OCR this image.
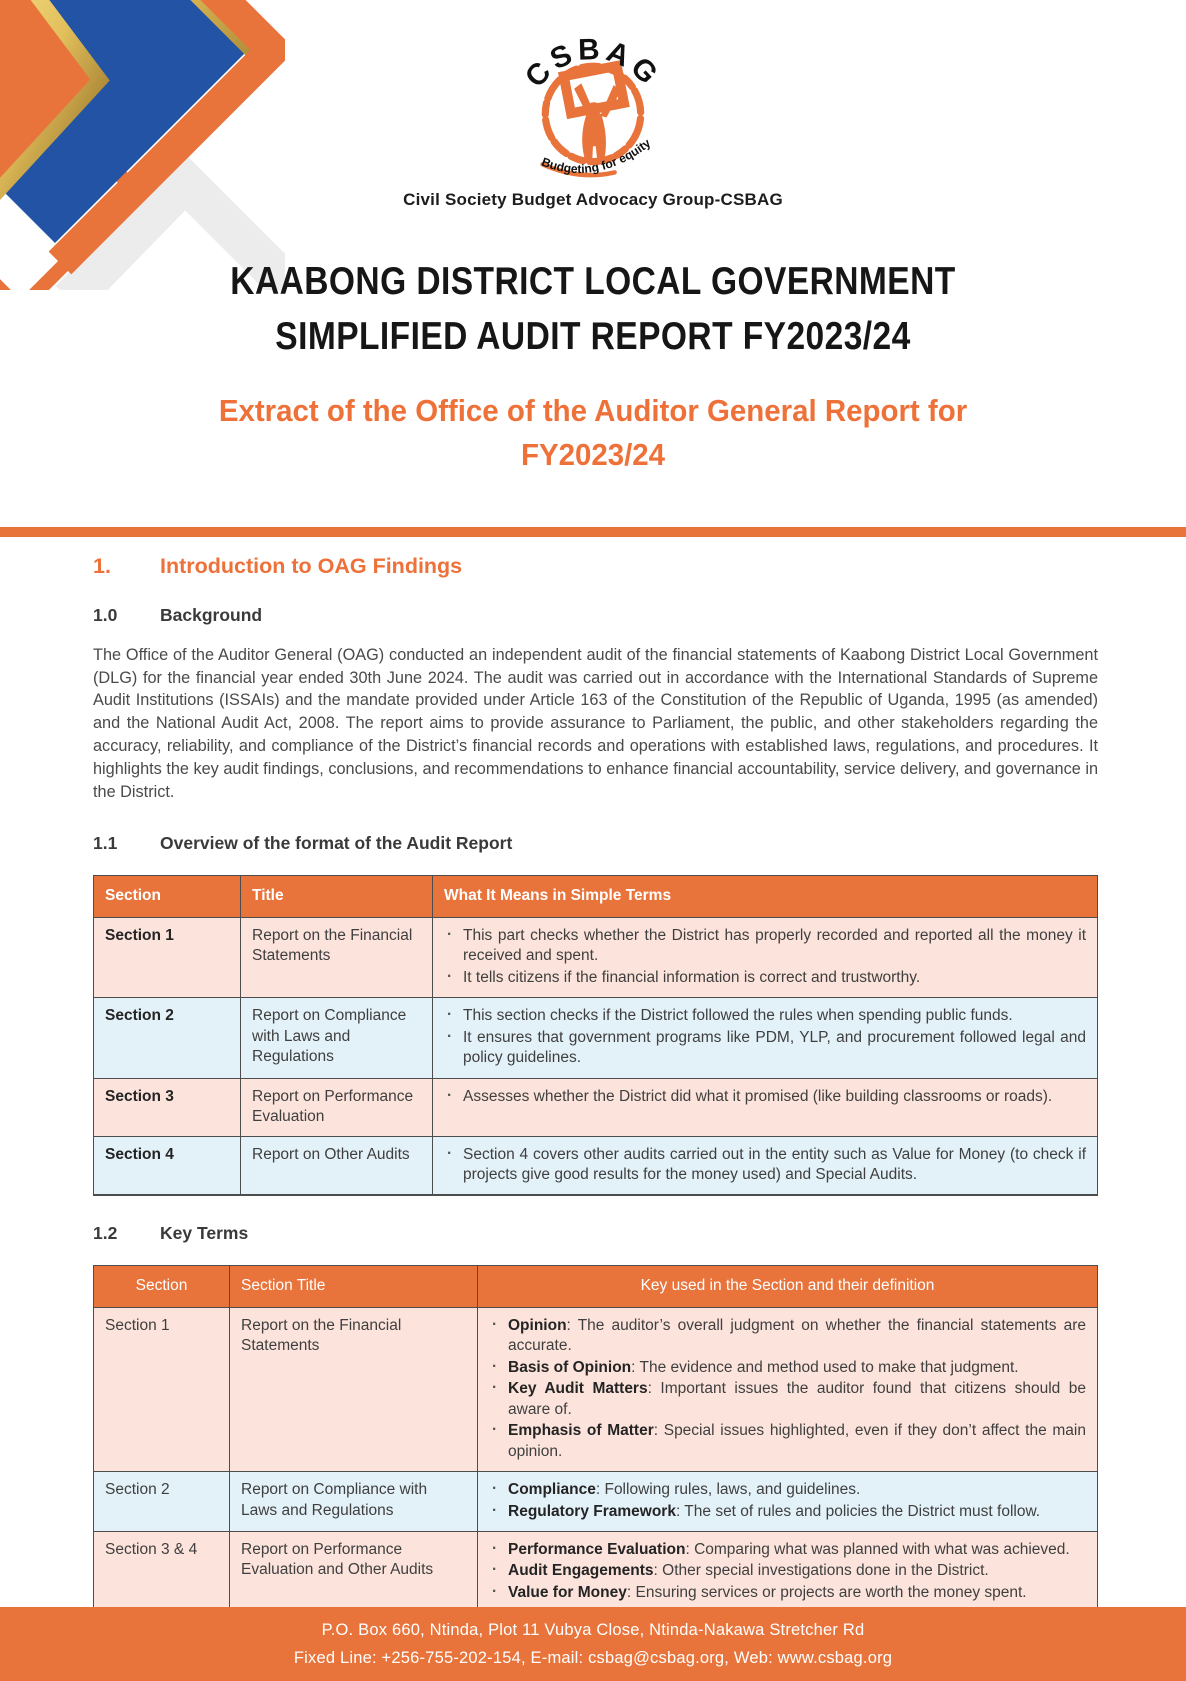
CSBAG
Budgeting for equity
Civil Society Budget Advocacy Group-CSBAG
KAABONG DISTRICT LOCAL GOVERNMENT
SIMPLIFIED AUDIT REPORT FY2023/24
Extract of the Office of the Auditor General Report for FY2023/24
1.	Introduction to OAG Findings
1.0	Background

The Office of the Auditor General (OAG) conducted an independent audit of the financial statements of Kaabong District Local Government (DLG) for the financial year ended 30th June 2024. The audit was carried out in accordance with the International Standards of Supreme Audit Institutions (ISSAIs) and the mandate provided under Article 163 of the Constitution of the Republic of Uganda, 1995 (as amended) and the National Audit Act, 2008. The report aims to provide assurance to Parliament, the public, and other stakeholders regarding the accuracy, reliability, and compliance of the District’s financial records and operations with established laws, regulations, and procedures. It highlights the key audit findings, conclusions, and recommendations to enhance financial accountability, service delivery, and governance in the District.

1.1	Overview of the format of the Audit Report
Section	Title	What It Means in Simple Terms
Section 1	Report on the Financial Statements	
· This part checks whether the District has properly recorded and reported all the money it received and spent.
· It tells citizens if the financial information is correct and trustworthy.

Section 2	Report on Compliance with Laws and Regulations	
· This section checks if the District followed the rules when spending public funds.
· It ensures that government programs like PDM, YLP, and procurement followed legal and policy guidelines.

Section 3	Report on Performance Evaluation	
· Assesses whether the District did what it promised (like building classrooms or roads).

Section 4	Report on Other Audits	
·Section 4 covers other audits carried out in the entity such as Value for Money (to check if projects give good results for the money used) and Special Audits.
1.2	Key Terms
Section	Section Title	Key used in the Section and their definition
Section 1	Report on the Financial Statements	
· Opinion: The auditor’s overall judgment on whether the financial statements are accurate.
· Basis of Opinion: The evidence and method used to make that judgment.
· Key Audit Matters: Important issues the auditor found that citizens should be aware of.
· Emphasis of Matter: Special issues highlighted, even if they don’t affect the main opinion.

Section 2	Report on Compliance with Laws and Regulations	
· Compliance: Following rules, laws, and guidelines.
· Regulatory Framework: The set of rules and policies the District must follow.

Section 3 & 4	Report on Performance Evaluation and Other Audits	
· Performance Evaluation: Comparing what was planned with what was achieved.
· Audit Engagements: Other special investigations done in the District.
· Value for Money: Ensuring services or projects are worth the money spent.
P.O. Box 660, Ntinda, Plot 11 Vubya Close, Ntinda-Nakawa Stretcher Rd
Fixed Line: +256-755-202-154, E-mail: csbag@csbag.org, Web: www.csbag.org
